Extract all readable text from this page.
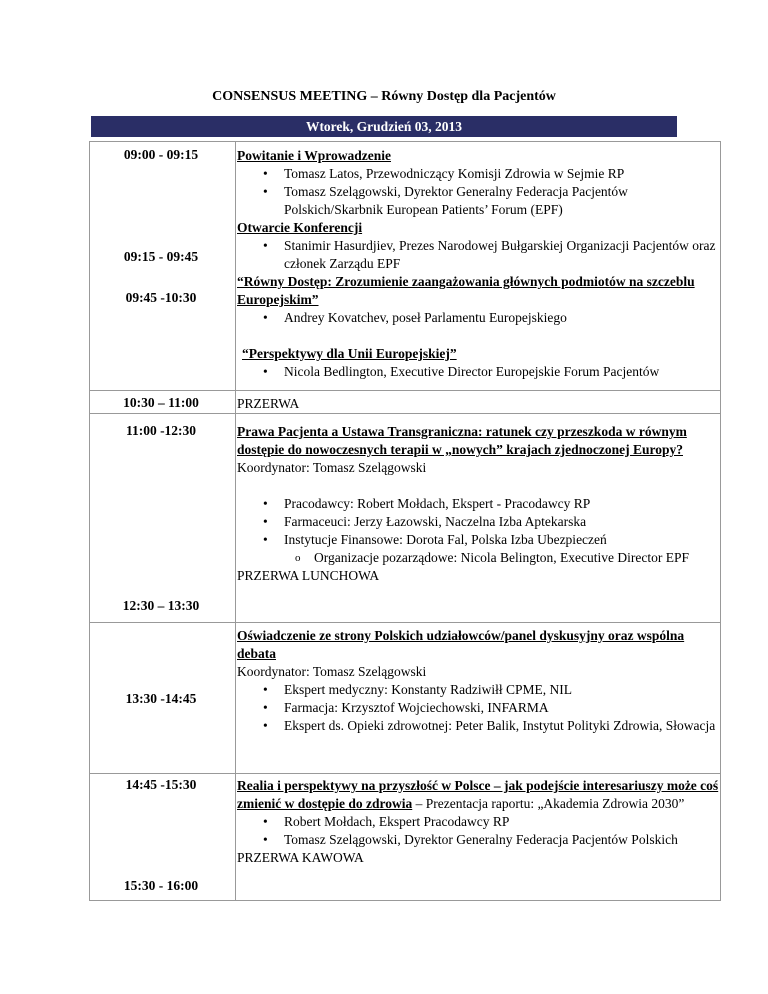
CONSENSUS MEETING – Równy Dostęp dla Pacjentów
Wtorek, Grudzień 03, 2013
09:00 - 09:15
09:15 - 09:45
09:45 -10:30
10:30 – 11:00
11:00 -12:30
12:30 – 13:30
13:30 -14:45
14:45 -15:30
15:30 - 16:00
Powitanie i Wprowadzenie
• Tomasz Latos, Przewodniczący Komisji Zdrowia w Sejmie RP
• Tomasz Szelągowski, Dyrektor Generalny Federacja Pacjentów Polskich/Skarbnik European Patients’ Forum (EPF)
Otwarcie Konferencji
• Stanimir Hasurdjiev, Prezes Narodowej Bułgarskiej Organizacji Pacjentów oraz członek Zarządu EPF
“Równy Dostęp: Zrozumienie zaangażowania głównych podmiotów na szczeblu Europejskim”
• Andrey Kovatchev, poseł Parlamentu Europejskiego
“Perspektywy dla Unii Europejskiej”
• Nicola Bedlington, Executive Director Europejskie Forum Pacjentów
PRZERWA
Prawa Pacjenta a Ustawa Transgraniczna: ratunek czy przeszkoda w równym dostępie do nowoczesnych terapii w „nowych” krajach zjednoczonej Europy?
Koordynator: Tomasz Szelągowski
• Pracodawcy: Robert Mołdach, Ekspert - Pracodawcy RP
• Farmaceuci: Jerzy Łazowski, Naczelna Izba Aptekarska
• Instytucje Finansowe: Dorota Fal, Polska Izba Ubezpieczeń
o Organizacje pozarządowe: Nicola Belington, Executive Director EPF
PRZERWA LUNCHOWA
Oświadczenie ze strony Polskich udziałowców/panel dyskusyjny oraz wspólna debata
Koordynator: Tomasz Szelągowski
• Ekspert medyczny: Konstanty Radziwiłł CPME, NIL
• Farmacja: Krzysztof Wojciechowski, INFARMA
• Ekspert ds. Opieki zdrowotnej: Peter Balik, Instytut Polityki Zdrowia, Słowacja
Realia i perspektywy na przyszłość w Polsce – jak podejście interesariuszy może coś zmienić w dostępie do zdrowia – Prezentacja raportu: „Akademia Zdrowia 2030”
• Robert Mołdach, Ekspert Pracodawcy RP
• Tomasz Szelągowski, Dyrektor Generalny Federacja Pacjentów Polskich
PRZERWA KAWOWA
